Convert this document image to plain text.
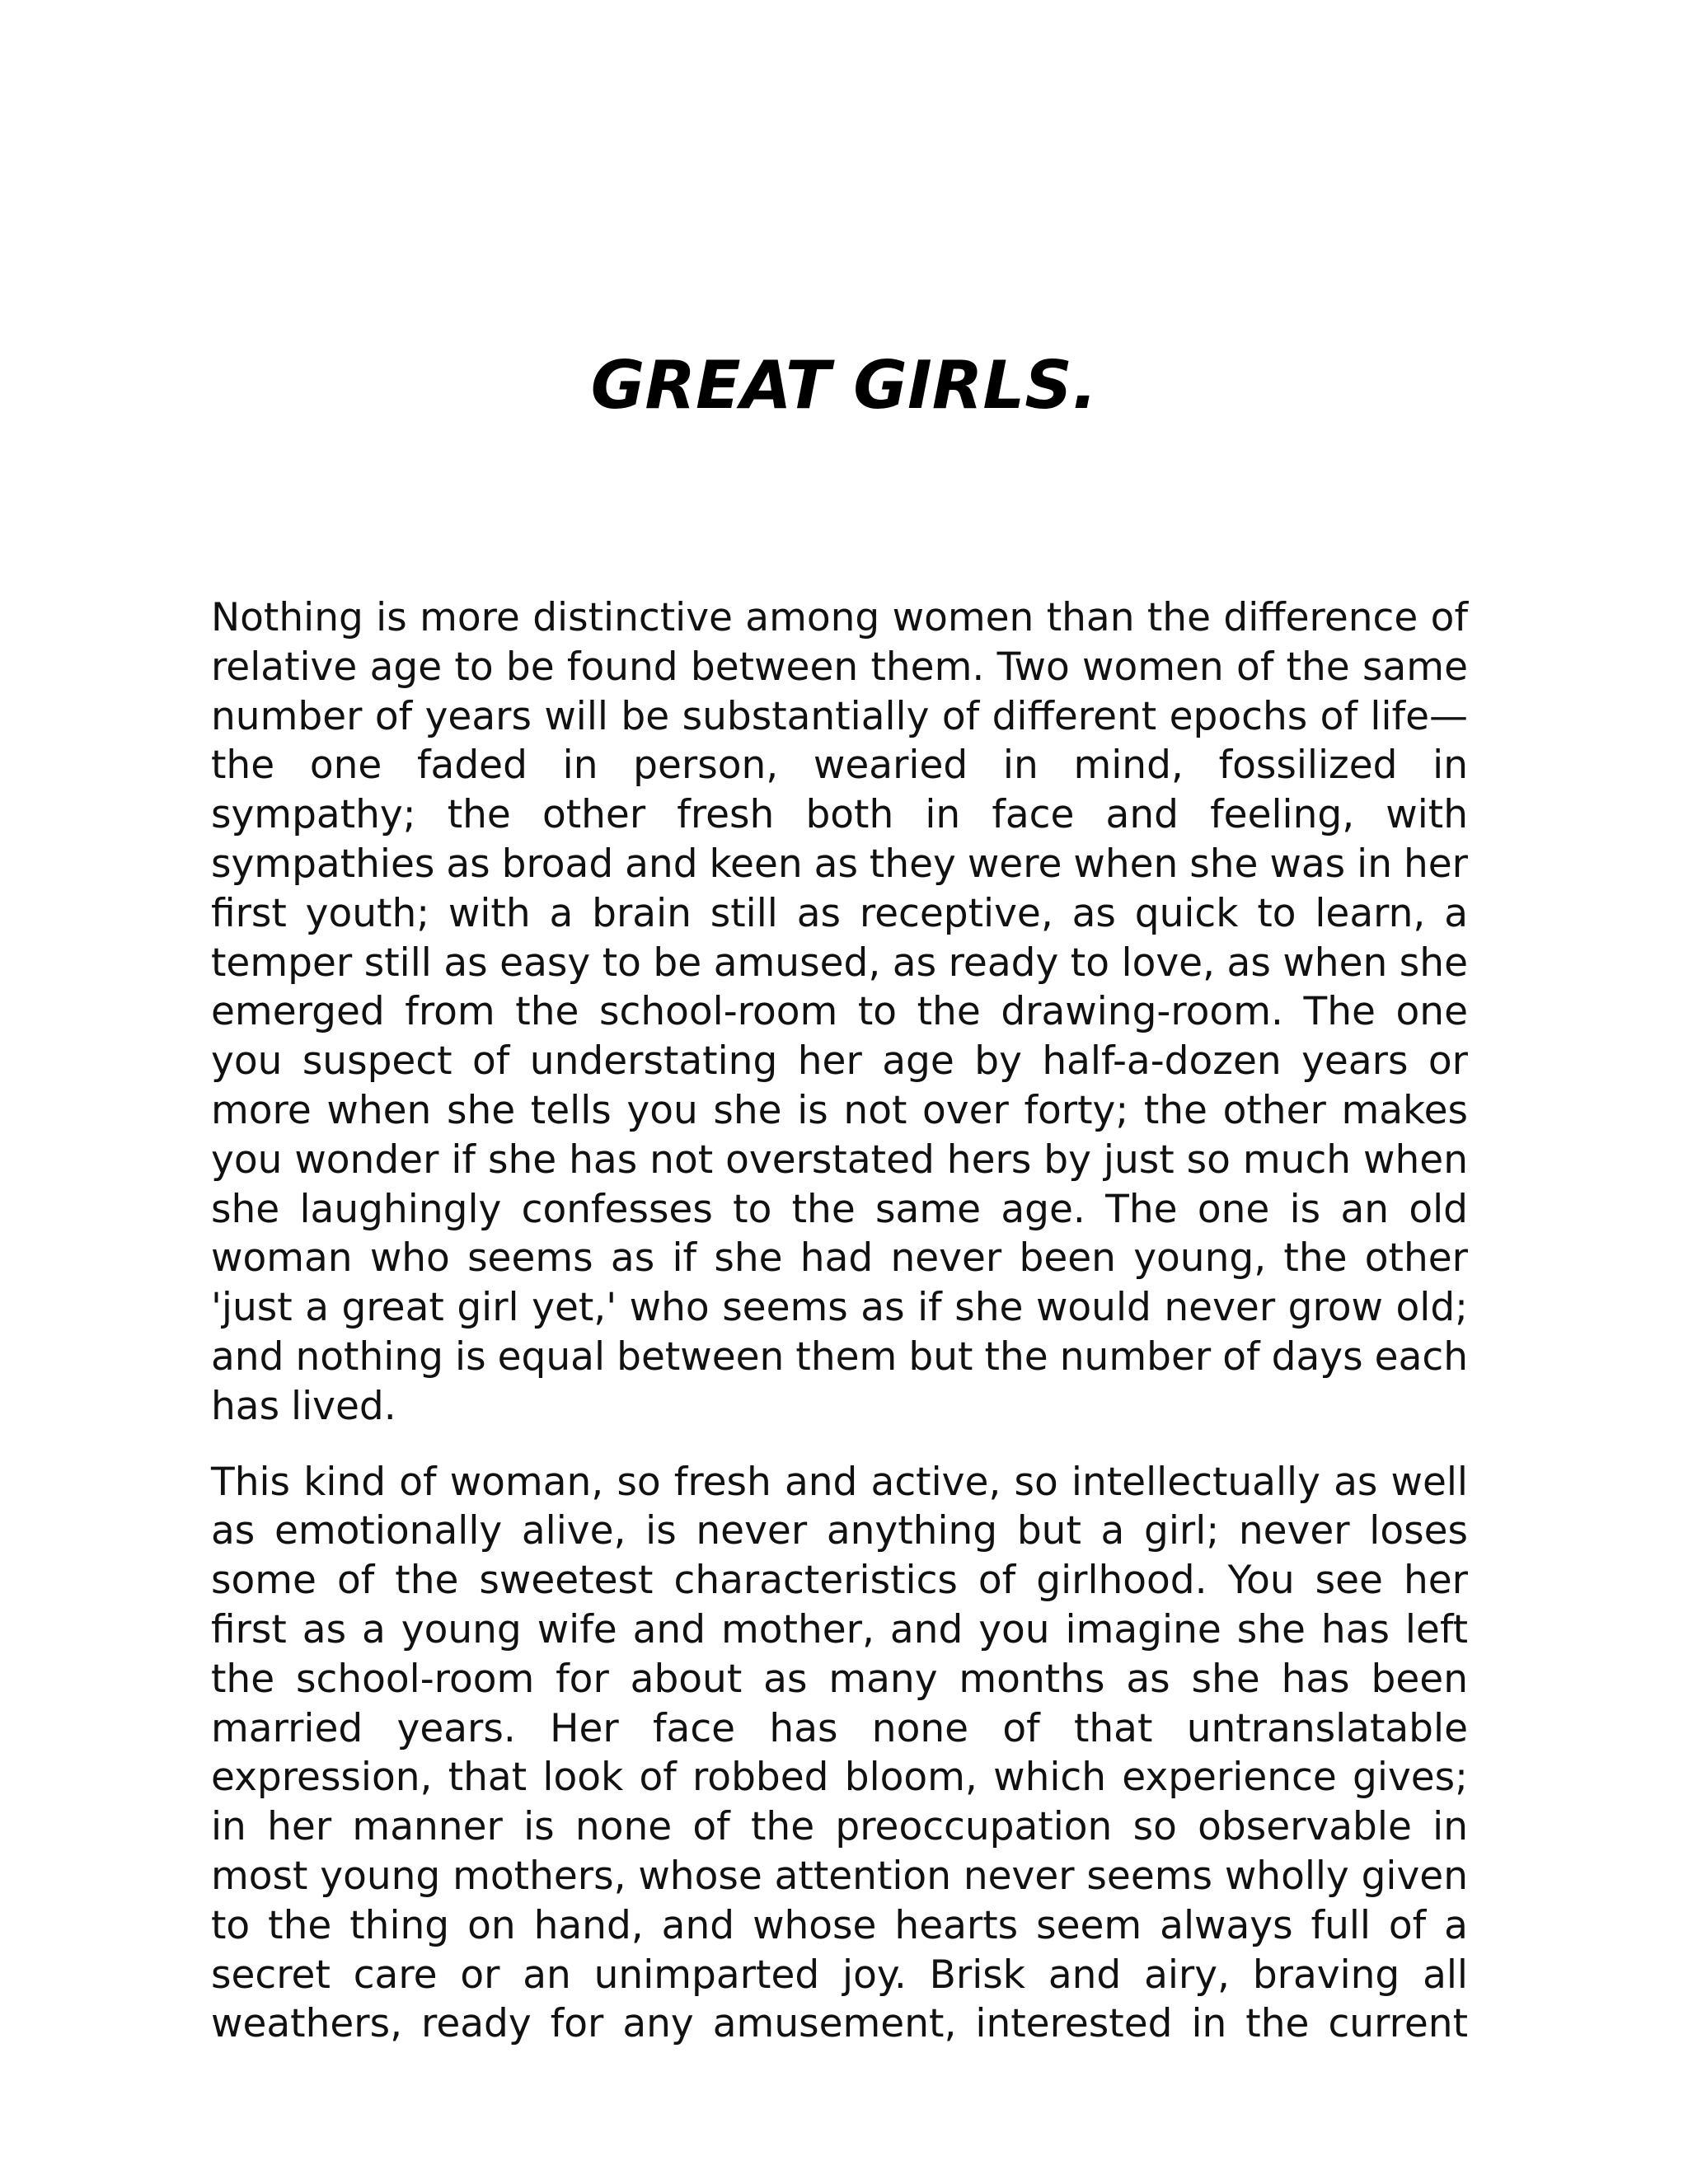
GREAT GIRLS.

Nothing is more distinctive among women than the difference of relative age to be found between them. Two women of the same number of years will be substantially of different epochs of life—the one faded in person, wearied in mind, fossilized in sympathy; the other fresh both in face and feeling, with sympathies as broad and keen as they were when she was in her first youth; with a brain still as receptive, as quick to learn, a temper still as easy to be amused, as ready to love, as when she emerged from the school-room to the drawing-room. The one you suspect of understating her age by half-a-dozen years or more when she tells you she is not over forty; the other makes you wonder if she has not overstated hers by just so much when she laughingly confesses to the same age. The one is an old woman who seems as if she had never been young, the other 'just a great girl yet,' who seems as if she would never grow old; and nothing is equal between them but the number of days each has lived.

This kind of woman, so fresh and active, so intellectually as well as emotionally alive, is never anything but a girl; never loses some of the sweetest characteristics of girlhood. You see her first as a young wife and mother, and you imagine she has left the school-room for about as many months as she has been married years. Her face has none of that untranslatable expression, that look of robbed bloom, which experience gives; in her manner is none of the preoccupation so observable in most young mothers, whose attention never seems wholly given to the thing on hand, and whose hearts seem always full of a secret care or an unimparted joy. Brisk and airy, braving all weathers, ready for any amusement, interested in the current
